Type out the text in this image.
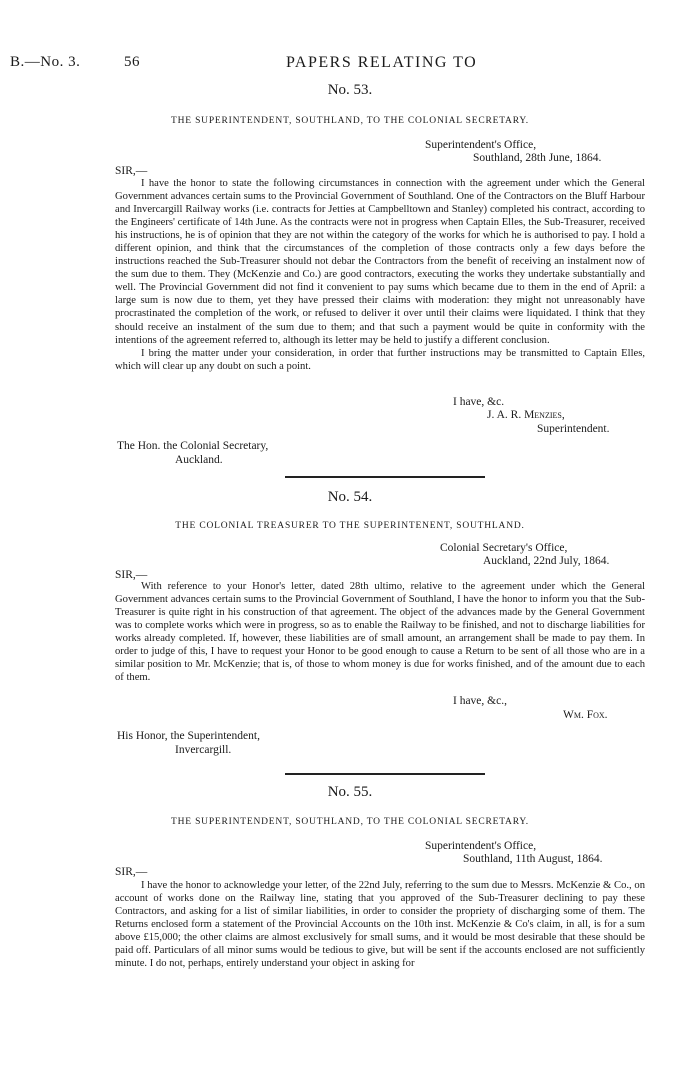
B.—No. 3.	56	PAPERS RELATING TO
No. 53.
THE SUPERINTENDENT, SOUTHLAND, TO THE COLONIAL SECRETARY.
Superintendent's Office,
Southland, 28th June, 1864.
SIR,—

I have the honor to state the following circumstances in connection with the agreement under which the General Government advances certain sums to the Provincial Government of Southland. One of the Contractors on the Bluff Harbour and Invercargill Railway works (i.e. contracts for Jetties at Campbelltown and Stanley) completed his contract, according to the Engineers' certificate of 14th June. As the contracts were not in progress when Captain Elles, the Sub-Treasurer, received his instructions, he is of opinion that they are not within the category of the works for which he is authorised to pay. I hold a different opinion, and think that the circumstances of the completion of those contracts only a few days before the instructions reached the Sub-Treasurer should not debar the Contractors from the benefit of receiving an instalment now of the sum due to them. They (McKenzie and Co.) are good contractors, executing the works they undertake substantially and well. The Provincial Government did not find it convenient to pay sums which became due to them in the end of April: a large sum is now due to them, yet they have pressed their claims with moderation: they might not unreasonably have procrastinated the completion of the work, or refused to deliver it over until their claims were liquidated. I think that they should receive an instalment of the sum due to them; and that such a payment would be quite in conformity with the intentions of the agreement referred to, although its letter may be held to justify a different conclusion.

I bring the matter under your consideration, in order that further instructions may be transmitted to Captain Elles, which will clear up any doubt on such a point.

I have, &c.
J. A. R. Menzies,
Superintendent.
The Hon. the Colonial Secretary,
Auckland.
No. 54.
THE COLONIAL TREASURER TO THE SUPERINTENENT, SOUTHLAND.
Colonial Secretary's Office,
Auckland, 22nd July, 1864.
SIR,—

With reference to your Honor's letter, dated 28th ultimo, relative to the agreement under which the General Government advances certain sums to the Provincial Government of Southland, I have the honor to inform you that the Sub-Treasurer is quite right in his construction of that agreement. The object of the advances made by the General Government was to complete works which were in progress, so as to enable the Railway to be finished, and not to discharge liabilities for works already completed. If, however, these liabilities are of small amount, an arrangement shall be made to pay them. In order to judge of this, I have to request your Honor to be good enough to cause a Return to be sent of all those who are in a similar position to Mr. McKenzie; that is, of those to whom money is due for works finished, and of the amount due to each of them.

I have, &c.,
Wm. Fox.
His Honor, the Superintendent,
Invercargill.
No. 55.
THE SUPERINTENDENT, SOUTHLAND, TO THE COLONIAL SECRETARY.
Superintendent's Office,
Southland, 11th August, 1864.
SIR,—

I have the honor to acknowledge your letter, of the 22nd July, referring to the sum due to Messrs. McKenzie & Co., on account of works done on the Railway line, stating that you approved of the Sub-Treasurer declining to pay these Contractors, and asking for a list of similar liabilities, in order to consider the propriety of discharging some of them. The Returns enclosed form a statement of the Provincial Accounts on the 10th inst. McKenzie & Co's claim, in all, is for a sum above £15,000; the other claims are almost exclusively for small sums, and it would be most desirable that these should be paid off. Particulars of all minor sums would be tedious to give, but will be sent if the accounts enclosed are not sufficiently minute. I do not, perhaps, entirely understand your object in asking for
